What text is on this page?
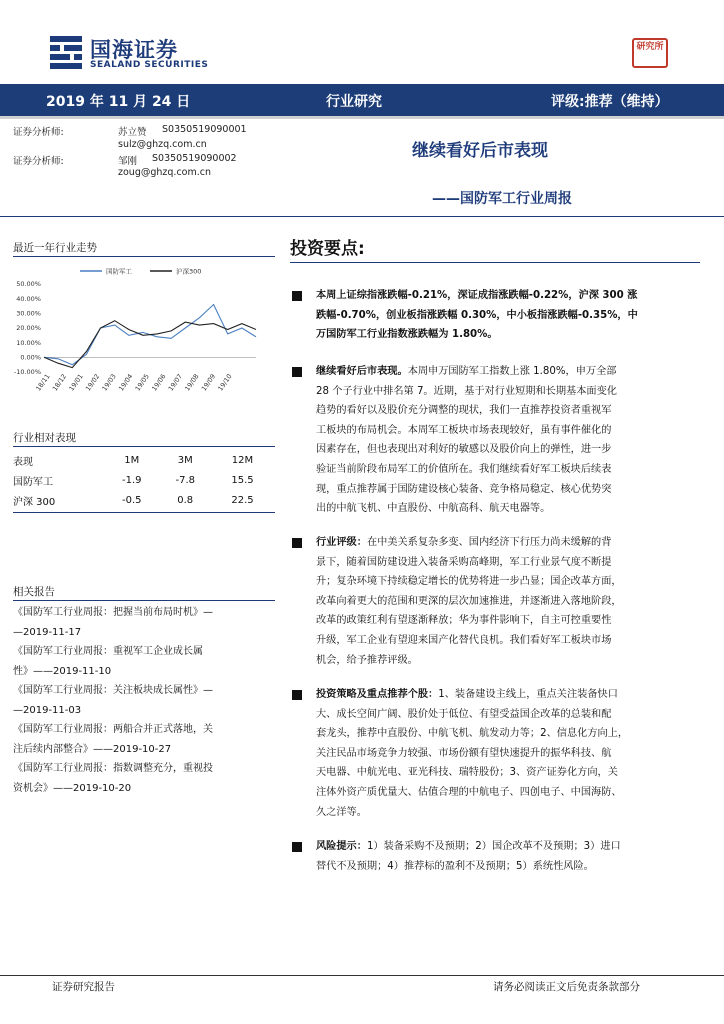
国海证券
SEALAND SECURITIES
研究所
2019 年 11 月 24 日	行业研究	评级:推荐（维持）
证券分析师:	苏立赞 S0350519090001
sulz@ghzq.com.cn
证券分析师:	邹刚 S0350519090002
zoug@ghzq.com.cn
继续看好后市表现
——国防军工行业周报
最近一年行业走势
国防军工	沪深300
50.00%
40.00%
30.00%
20.00%
10.00%
0.00%
-10.00%
18/11 18/12 19/01 19/02 19/03 19/04 19/05 19/06 19/07 19/08 19/09 19/10
行业相对表现
表现	1M	3M	12M
国防军工	-1.9	-7.8	15.5
沪深 300	-0.5	0.8	22.5
相关报告
《国防军工行业周报：把握当前布局时机》—
—2019-11-17
《国防军工行业周报：重视军工企业成长属
性》——2019-11-10
《国防军工行业周报：关注板块成长属性》—
—2019-11-03
《国防军工行业周报：两船合并正式落地，关
注后续内部整合》——2019-10-27
《国防军工行业周报：指数调整充分，重视投
资机会》——2019-10-20
投资要点:
本周上证综指涨跌幅-0.21%，深证成指涨跌幅-0.22%，沪深 300 涨
跌幅-0.70%，创业板指涨跌幅 0.30%，中小板指涨跌幅-0.35%，中
万国防军工行业指数涨跌幅为 1.80%。
继续看好后市表现。本周申万国防军工指数上涨 1.80%，申万全部
28 个子行业中排名第 7。近期，基于对行业短期和长期基本面变化
趋势的看好以及股价充分调整的现状，我们一直推荐投资者重视军
工板块的布局机会。本周军工板块市场表现较好，虽有事件催化的
因素存在，但也表现出对利好的敏感以及股价向上的弹性，进一步
验证当前阶段布局军工的价值所在。我们继续看好军工板块后续表
现，重点推荐属于国防建设核心装备、竞争格局稳定、核心优势突
出的中航飞机、中直股份、中航高科、航天电器等。
行业评级：在中美关系复杂多变、国内经济下行压力尚未缓解的背
景下，随着国防建设进入装备采购高峰期，军工行业景气度不断提
升；复杂环境下持续稳定增长的优势将进一步凸显；国企改革方面，
改革向着更大的范围和更深的层次加速推进，并逐渐进入落地阶段，
改革的政策红利有望逐渐释放；华为事件影响下，自主可控重要性
升级，军工企业有望迎来国产化替代良机。我们看好军工板块市场
机会，给予推荐评级。
投资策略及重点推荐个股：1、装备建设主线上，重点关注装备快口
大、成长空间广阔、股价处于低位、有望受益国企改革的总装和配
套龙头，推荐中直股份、中航飞机、航发动力等；2、信息化方向上，
关注民品市场竞争力较强、市场份额有望快速提升的振华科技、航
天电器、中航光电、亚光科技、瑞特股份；3、资产证券化方向，关
注体外资产质优量大、估值合理的中航电子、四创电子、中国海防、
久之洋等。
风险提示：1）装备采购不及预期；2）国企改革不及预期；3）进口
替代不及预期；4）推荐标的盈利不及预期；5）系统性风险。
证券研究报告	请务必阅读正文后免责条款部分
